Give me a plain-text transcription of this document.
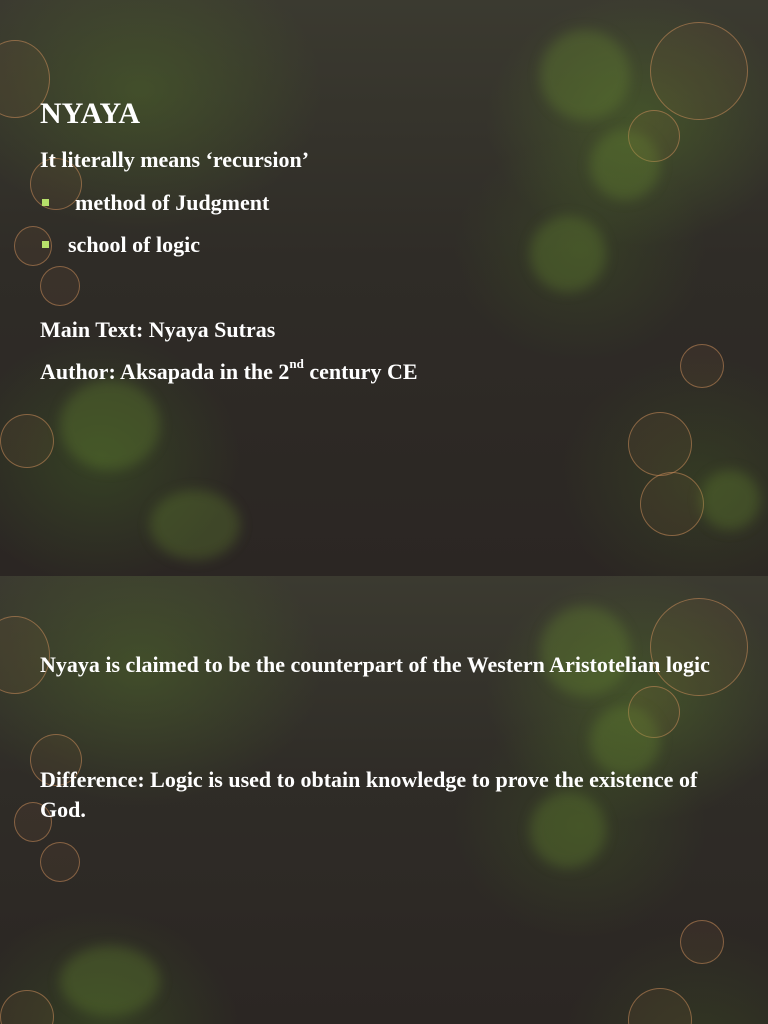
NYAYA
It literally means ‘recursion’
method of Judgment
school of logic
Main Text: Nyaya Sutras
Author: Aksapada in the 2nd century CE
Nyaya is claimed to be the counterpart of the Western Aristotelian logic
Difference: Logic is used to obtain knowledge to prove the existence of God.
